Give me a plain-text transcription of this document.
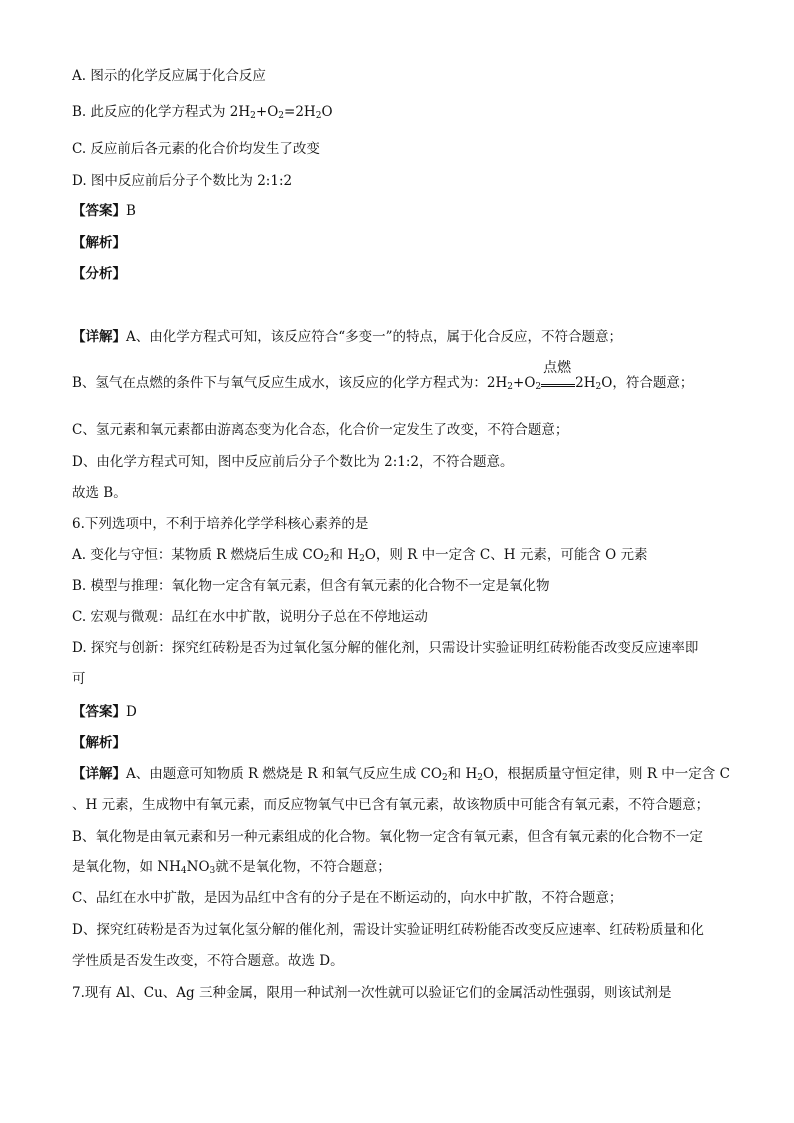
A. 图示的化学反应属于化合反应
B. 此反应的化学方程式为 $2H_2+O_2=2H_2O$
C. 反应前后各元素的化合价均发生了改变
D. 图中反应前后分子个数比为 2:1:2
【答案】B
【解析】
【分析】
【详解】A、由化学方程式可知，该反应符合“多变一”的特点，属于化合反应，不符合题意；
B、氢气在点燃的条件下与氧气反应生成水，该反应的化学方程式为：$2H_2+O_2$
点燃
$2H_2O$，符合题意；
C、氢元素和氧元素都由游离态变为化合态，化合价一定发生了改变，不符合题意；
D、由化学方程式可知，图中反应前后分子个数比为 2:1:2，不符合题意。
故选 B。
6.下列选项中，不利于培养化学学科核心素养的是
A. 变化与守恒：某物质 R 燃烧后生成 $CO_2$和 $H_2O$，则 R 中一定含 C、H 元素，可能含 O 元素
B. 模型与推理：氧化物一定含有氧元素，但含有氧元素的化合物不一定是氧化物
C. 宏观与微观：品红在水中扩散，说明分子总在不停地运动
D. 探究与创新：探究红砖粉是否为过氧化氢分解的催化剂，只需设计实验证明红砖粉能否改变反应速率即
可
【答案】D
【解析】
【详解】A、由题意可知物质 R 燃烧是 R 和氧气反应生成 $CO_2$和 $H_2O$，根据质量守恒定律，则 R 中一定含 C
、H 元素，生成物中有氧元素，而反应物氧气中已含有氧元素，故该物质中可能含有氧元素，不符合题意；
B、氧化物是由氧元素和另一种元素组成的化合物。氧化物一定含有氧元素，但含有氧元素的化合物不一定
是氧化物，如 $NH_4NO_3$就不是氧化物，不符合题意；
C、品红在水中扩散，是因为品红中含有的分子是在不断运动的，向水中扩散，不符合题意；
D、探究红砖粉是否为过氧化氢分解的催化剂，需设计实验证明红砖粉能否改变反应速率、红砖粉质量和化
学性质是否发生改变，不符合题意。故选 D。
7.现有 Al、Cu、Ag 三种金属，限用一种试剂一次性就可以验证它们的金属活动性强弱，则该试剂是
